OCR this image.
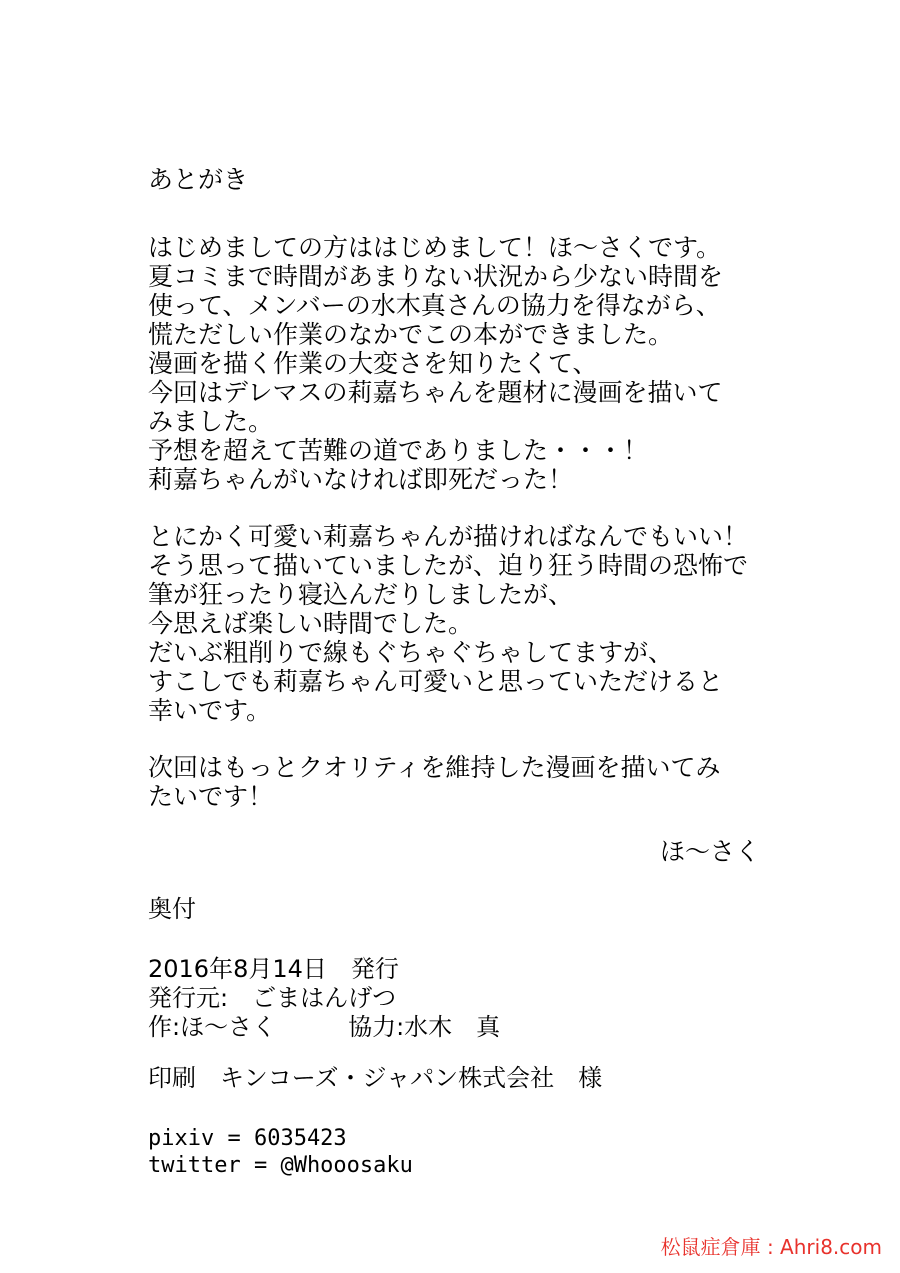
あとがき
はじめましての方ははじめまして！ほ～さくです。
夏コミまで時間があまりない状況から少ない時間を
使って、メンバーの水木真さんの協力を得ながら、
慌ただしい作業のなかでこの本ができました。
漫画を描く作業の大変さを知りたくて、
今回はデレマスの莉嘉ちゃんを題材に漫画を描いて
みました。
予想を超えて苦難の道でありました・・・！
莉嘉ちゃんがいなければ即死だった！
とにかく可愛い莉嘉ちゃんが描ければなんでもいい！
そう思って描いていましたが、迫り狂う時間の恐怖で
筆が狂ったり寝込んだりしましたが、
今思えば楽しい時間でした。
だいぶ粗削りで線もぐちゃぐちゃしてますが、
すこしでも莉嘉ちゃん可愛いと思っていただけると
幸いです。
次回はもっとクオリティを維持した漫画を描いてみ
たいです！
ほ～さく
奥付
2016年8月14日　発行
発行元:　ごまはんげつ
作:ほ～さく　　　協力:水木　真
印刷　キンコーズ・ジャパン株式会社　様
pixiv = 6035423
twitter = @Whooosaku
松鼠症倉庫 : Ahri8.com
